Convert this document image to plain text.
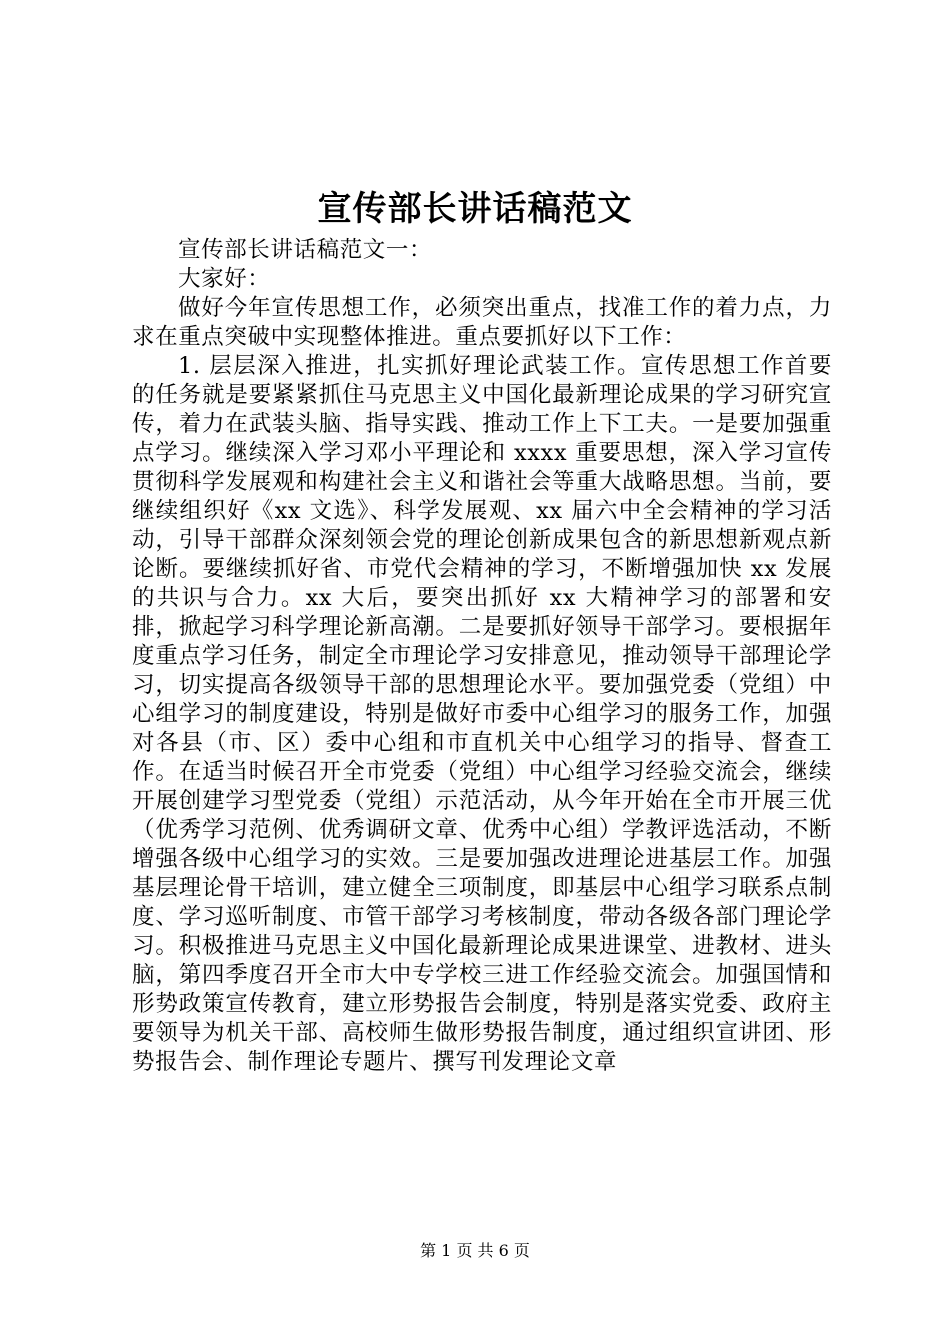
宣传部长讲话稿范文

宣传部长讲话稿范文一：

大家好：

做好今年宣传思想工作，必须突出重点，找准工作的着力点，力求在重点突破中实现整体推进。重点要抓好以下工作：

1. 层层深入推进，扎实抓好理论武装工作。宣传思想工作首要的任务就是要紧紧抓住马克思主义中国化最新理论成果的学习研究宣传，着力在武装头脑、指导实践、推动工作上下工夫。一是要加强重点学习。继续深入学习邓小平理论和 xxxx 重要思想，深入学习宣传贯彻科学发展观和构建社会主义和谐社会等重大战略思想。当前，要继续组织好《xx 文选》、科学发展观、xx 届六中全会精神的学习活动，引导干部群众深刻领会党的理论创新成果包含的新思想新观点新论断。要继续抓好省、市党代会精神的学习，不断增强加快 xx 发展的共识与合力。xx 大后，要突出抓好 xx 大精神学习的部署和安排，掀起学习科学理论新高潮。二是要抓好领导干部学习。要根据年度重点学习任务，制定全市理论学习安排意见，推动领导干部理论学习，切实提高各级领导干部的思想理论水平。要加强党委（党组）中心组学习的制度建设，特别是做好市委中心组学习的服务工作，加强对各县（市、区）委中心组和市直机关中心组学习的指导、督查工作。在适当时候召开全市党委（党组）中心组学习经验交流会，继续开展创建学习型党委（党组）示范活动，从今年开始在全市开展三优（优秀学习范例、优秀调研文章、优秀中心组）学教评选活动，不断增强各级中心组学习的实效。三是要加强改进理论进基层工作。加强基层理论骨干培训，建立健全三项制度，即基层中心组学习联系点制度、学习巡听制度、市管干部学习考核制度，带动各级各部门理论学习。积极推进马克思主义中国化最新理论成果进课堂、进教材、进头脑，第四季度召开全市大中专学校三进工作经验交流会。加强国情和形势政策宣传教育，建立形势报告会制度，特别是落实党委、政府主要领导为机关干部、高校师生做形势报告制度，通过组织宣讲团、形势报告会、制作理论专题片、撰写刊发理论文章

第 1 页 共 6 页
